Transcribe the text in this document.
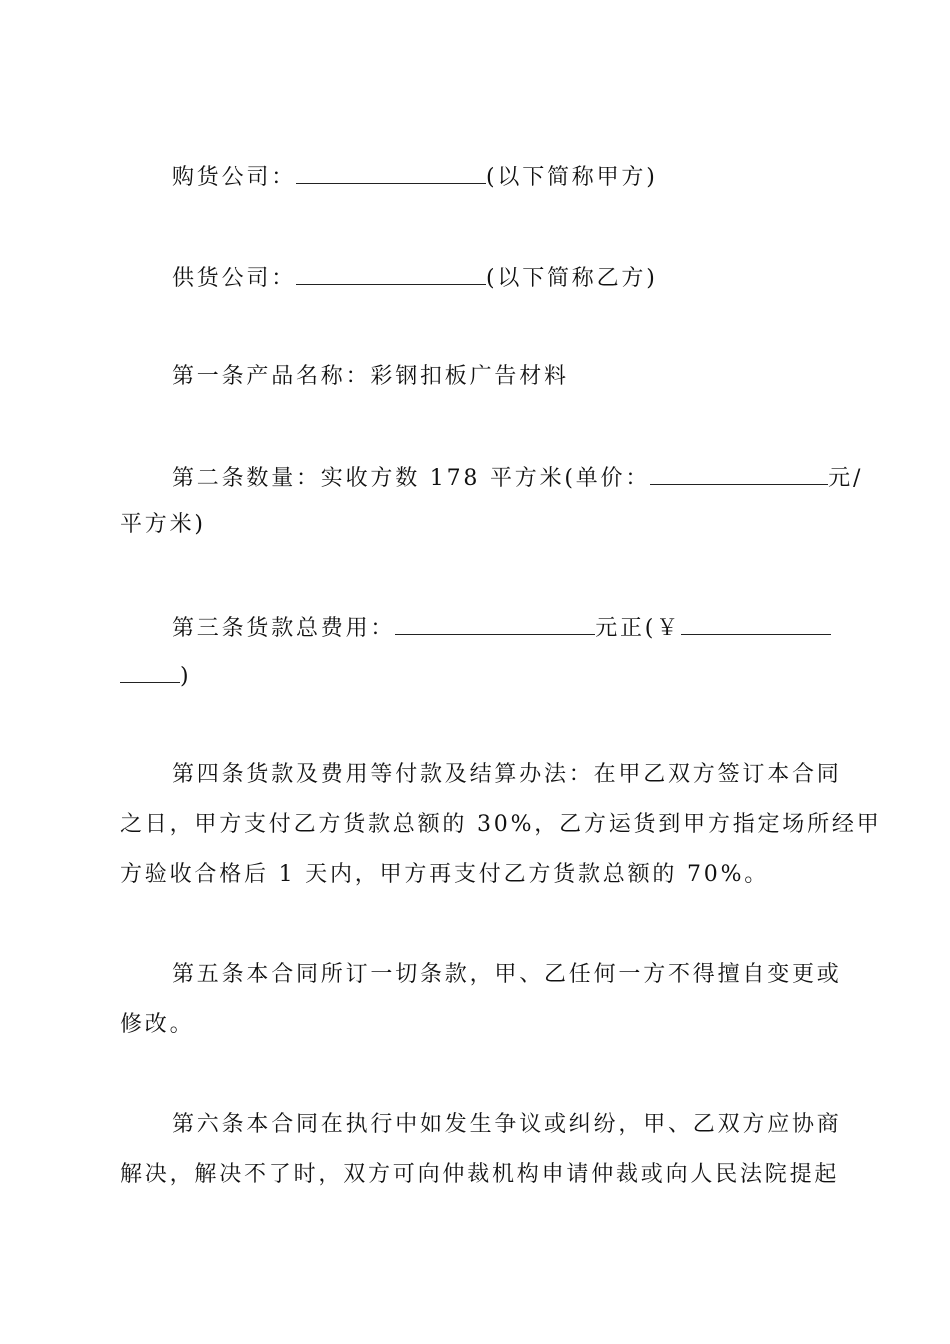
购货公司：	(以下简称甲方)
供货公司：	(以下简称乙方)
第一条产品名称：彩钢扣板广告材料
第二条数量：实收方数 178 平方米(单价：	元/
平方米)
第三条货款总费用：	元正(￥
)
第四条货款及费用等付款及结算办法：在甲乙双方签订本合同
之日，甲方支付乙方货款总额的 30%，乙方运货到甲方指定场所经甲
方验收合格后 1 天内，甲方再支付乙方货款总额的 70%。
第五条本合同所订一切条款，甲、乙任何一方不得擅自变更或
修改。
第六条本合同在执行中如发生争议或纠纷，甲、乙双方应协商
解决，解决不了时，双方可向仲裁机构申请仲裁或向人民法院提起
